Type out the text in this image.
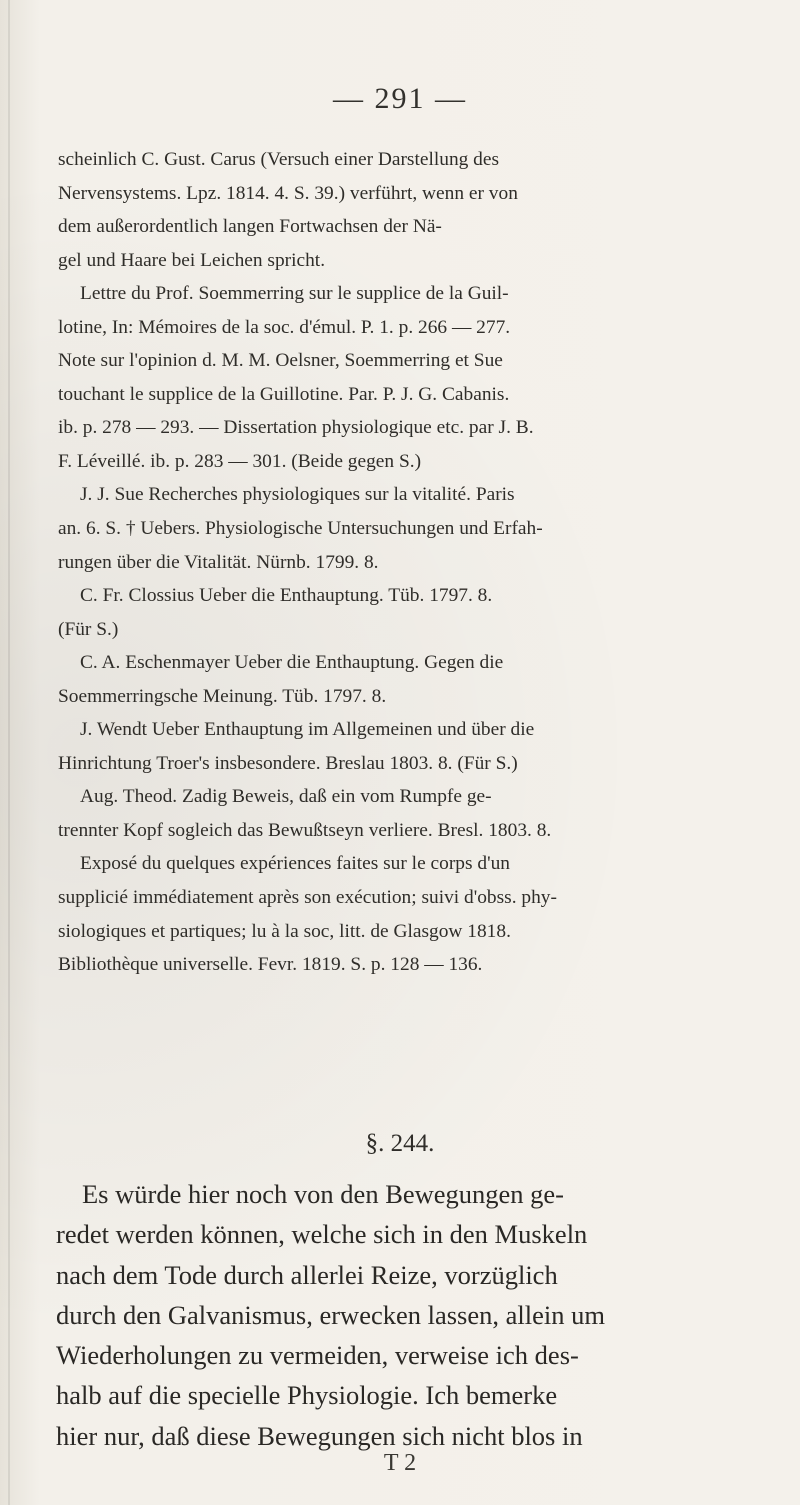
— 291 —
scheinlich C. Gust. Carus (Versuch einer Darstellung des
Nervensystems. Lpz. 1814. 4. S. 39.) verführt, wenn er von
dem außerordentlich langen Fortwachsen der Nä-
gel und Haare bei Leichen spricht.
Lettre du Prof. Soemmerring sur le supplice de la Guil-
lotine, In: Mémoires de la soc. d'émul. P. 1. p. 266 — 277.
Note sur l'opinion d. M. M. Oelsner, Soemmerring et Sue
touchant le supplice de la Guillotine. Par. P. J. G. Cabanis.
ib. p. 278 — 293. — Dissertation physiologique etc. par J. B.
F. Léveillé. ib. p. 283 — 301. (Beide gegen S.)
J. J. Sue Recherches physiologiques sur la vitalité. Paris
an. 6. S. † Uebers. Physiologische Untersuchungen und Erfah-
rungen über die Vitalität. Nürnb. 1799. 8.
C. Fr. Clossius Ueber die Enthauptung. Tüb. 1797. 8.
(Für S.)
C. A. Eschenmayer Ueber die Enthauptung. Gegen die
Soemmerringsche Meinung. Tüb. 1797. 8.
J. Wendt Ueber Enthauptung im Allgemeinen und über die
Hinrichtung Troer's insbesondere. Breslau 1803. 8. (Für S.)
Aug. Theod. Zadig Beweis, daß ein vom Rumpfe ge-
trennter Kopf sogleich das Bewußtseyn verliere. Bresl. 1803. 8.
Exposé du quelques expériences faites sur le corps d'un
supplicié immédiatement après son exécution; suivi d'obss. phy-
siologiques et partiques; lu à la soc, litt. de Glasgow 1818.
Bibliothèque universelle. Fevr. 1819. S. p. 128 — 136.
§. 244.
Es würde hier noch von den Bewegungen ge-
redet werden können, welche sich in den Muskeln
nach dem Tode durch allerlei Reize, vorzüglich
durch den Galvanismus, erwecken lassen, allein um
Wiederholungen zu vermeiden, verweise ich des-
halb auf die specielle Physiologie. Ich bemerke
hier nur, daß diese Bewegungen sich nicht blos in
T 2
